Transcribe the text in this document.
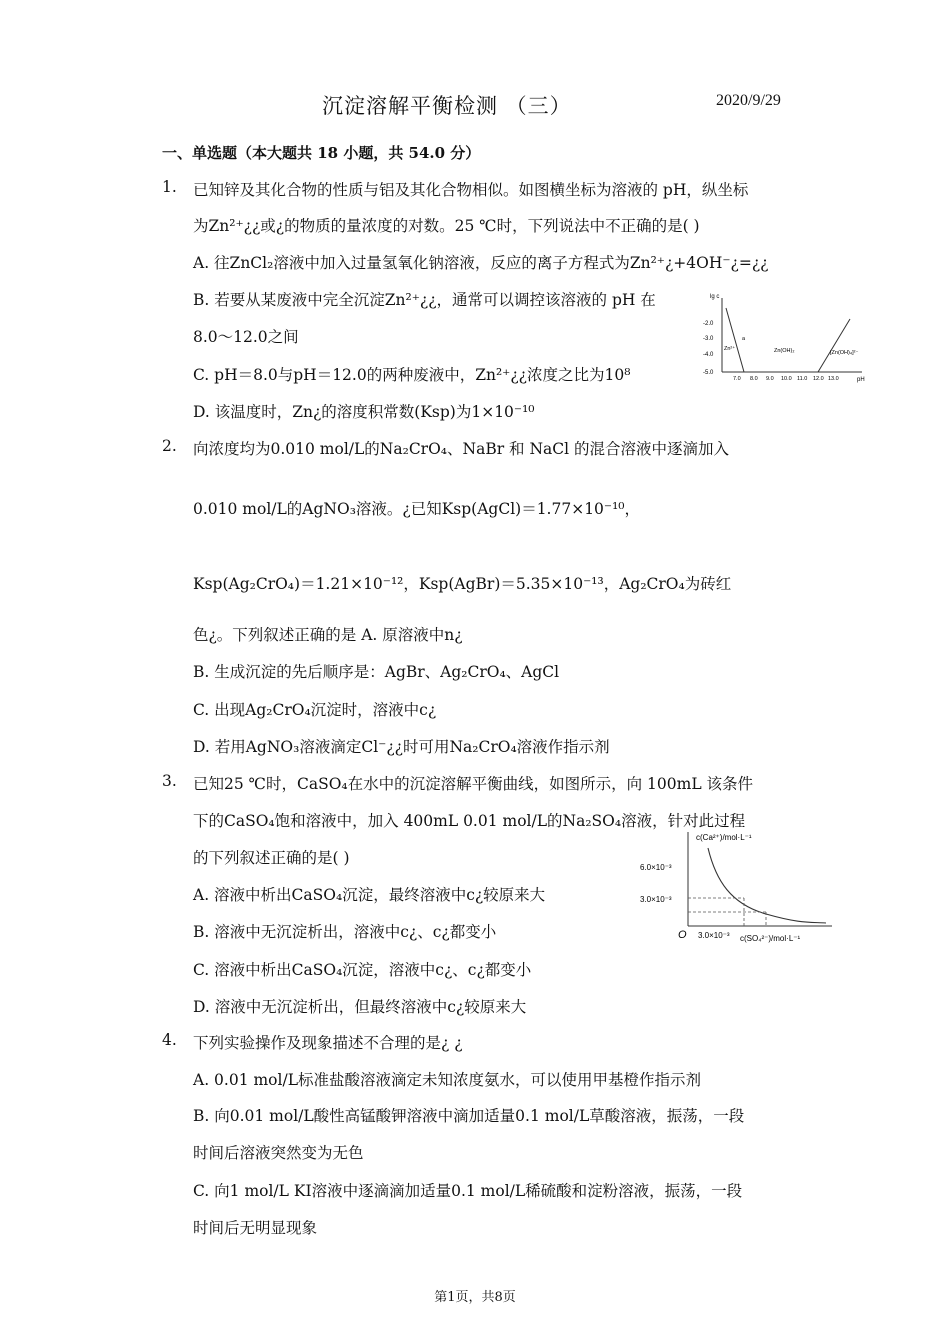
沉淀溶解平衡检测 （三）	2020/9/29
一、单选题（本大题共 18 小题，共 54.0 分）
1. 已知锌及其化合物的性质与铝及其化合物相似。如图横坐标为溶液的 pH，纵坐标
为Zn²⁺¿¿或¿的物质的量浓度的对数。25 ℃时，下列说法中不正确的是( )
A. 往ZnCl₂溶液中加入过量氢氧化钠溶液，反应的离子方程式为Zn²⁺¿+4OH⁻¿=¿¿
B. 若要从某废液中完全沉淀Zn²⁺¿¿，通常可以调控该溶液的 pH 在
8.0～12.0之间
C. pH＝8.0与pH＝12.0的两种废液中，Zn²⁺¿¿浓度之比为10⁸
D. 该温度时，Zn¿的溶度积常数(Ksp)为1×10⁻¹⁰
lg c
pH
-2.0
-3.0
-4.0
-5.0
7.0 8.0 9.0 10.0 11.0 12.0 13.0
a
Zn²⁺	Zn(OH)₂	[Zn(OH)₄]²⁻
2. 向浓度均为0.010 mol/L的Na₂CrO₄、NaBr 和 NaCl 的混合溶液中逐滴加入
0.010 mol/L的AgNO₃溶液。¿已知Ksp(AgCl)＝1.77×10⁻¹⁰，
Ksp(Ag₂CrO₄)＝1.21×10⁻¹²，Ksp(AgBr)＝5.35×10⁻¹³，Ag₂CrO₄为砖红
色¿。下列叙述正确的是 A. 原溶液中n¿
B. 生成沉淀的先后顺序是：AgBr、Ag₂CrO₄、AgCl
C. 出现Ag₂CrO₄沉淀时，溶液中c¿
D. 若用AgNO₃溶液滴定Cl⁻¿¿时可用Na₂CrO₄溶液作指示剂
3. 已知25 ℃时，CaSO₄在水中的沉淀溶解平衡曲线，如图所示，向 100mL 该条件
下的CaSO₄饱和溶液中，加入 400mL 0.01 mol/L的Na₂SO₄溶液，针对此过程
的下列叙述正确的是( )
A. 溶液中析出CaSO₄沉淀，最终溶液中c¿较原来大
B. 溶液中无沉淀析出，溶液中c¿、c¿都变小
C. 溶液中析出CaSO₄沉淀，溶液中c¿、c¿都变小
D. 溶液中无沉淀析出，但最终溶液中c¿较原来大
c(Ca²⁺)/mol·L⁻¹
c(SO₄²⁻)/mol·L⁻¹
O
6.0×10⁻³
3.0×10⁻³
3.0×10⁻³
4. 下列实验操作及现象描述不合理的是¿ ¿
A. 0.01 mol/L标准盐酸溶液滴定未知浓度氨水，可以使用甲基橙作指示剂
B. 向0.01 mol/L酸性高锰酸钾溶液中滴加适量0.1 mol/L草酸溶液，振荡，一段
时间后溶液突然变为无色
C. 向1 mol/L KI溶液中逐滴滴加适量0.1 mol/L稀硫酸和淀粉溶液，振荡，一段
时间后无明显现象
第1页，共8页
